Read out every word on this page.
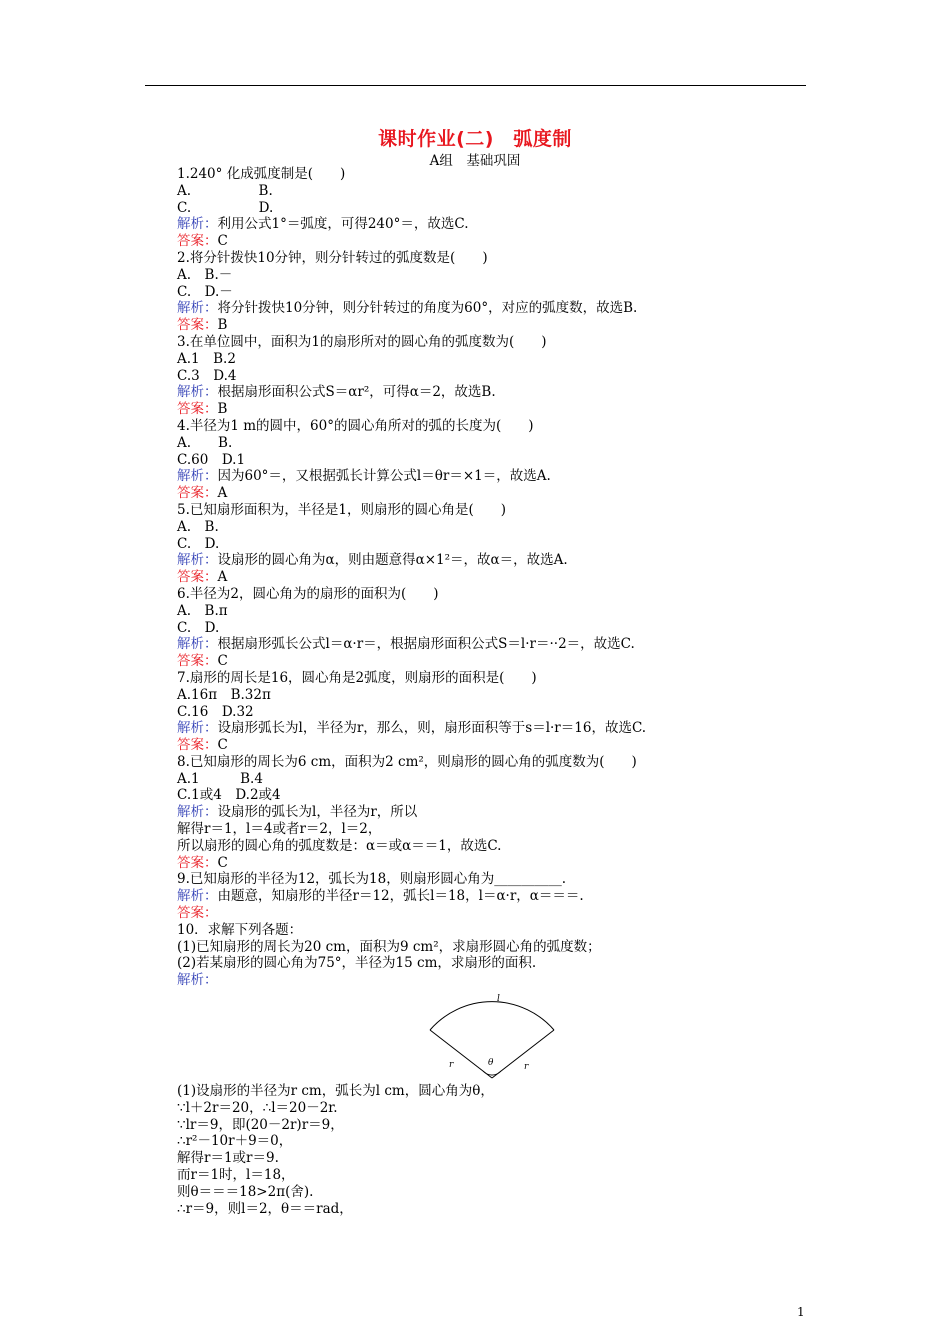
课时作业(二)　弧度制
A组　基础巩固
1.240° 化成弧度制是(　　)
A.　　　　　B.
C.　　　　　D.
解析：利用公式1°＝弧度，可得240°＝，故选C.
答案：C
2.将分针拨快10分钟，则分针转过的弧度数是(　　)
A.　B.－
C.　D.－
解析：将分针拨快10分钟，则分针转过的角度为60°，对应的弧度数，故选B.
答案：B
3.在单位圆中，面积为1的扇形所对的圆心角的弧度数为(　　)
A.1　B.2
C.3　D.4
解析：根据扇形面积公式S＝αr²，可得α＝2，故选B.
答案：B
4.半径为1 m的圆中，60°的圆心角所对的弧的长度为(　　)
A.　　B.
C.60　D.1
解析：因为60°＝，又根据弧长计算公式l＝θr＝×1＝，故选A.
答案：A
5.已知扇形面积为，半径是1，则扇形的圆心角是(　　)
A.　B.
C.　D.
解析：设扇形的圆心角为α，则由题意得α×1²＝，故α＝，故选A.
答案：A
6.半径为2，圆心角为的扇形的面积为(　　)
A.　B.π
C.　D.
解析：根据扇形弧长公式l＝α·r＝，根据扇形面积公式S＝l·r＝··2＝，故选C.
答案：C
7.扇形的周长是16，圆心角是2弧度，则扇形的面积是(　　)
A.16π　B.32π
C.16　D.32
解析：设扇形弧长为l，半径为r，那么，则，扇形面积等于s＝l·r＝16，故选C.
答案：C
8.已知扇形的周长为6 cm，面积为2 cm²，则扇形的圆心角的弧度数为(　　)
A.1　　　B.4
C.1或4　D.2或4
解析：设扇形的弧长为l，半径为r，所以
解得r＝1，l＝4或者r＝2，l＝2，
所以扇形的圆心角的弧度数是：α＝或α＝＝1，故选C.
答案：C
9.已知扇形的半径为12，弧长为18，则扇形圆心角为__________.
解析：由题意，知扇形的半径r＝12，弧长l＝18，l＝α·r，α＝＝＝.
答案：
10．求解下列各题：
(1)已知扇形的周长为20 cm，面积为9 cm²，求扇形圆心角的弧度数；
(2)若某扇形的圆心角为75°，半径为15 cm，求扇形的面积.
解析：
l
r	r
θ
(1)设扇形的半径为r cm，弧长为l cm，圆心角为θ，
∵l＋2r＝20，∴l＝20－2r.
∵lr＝9，即(20－2r)r＝9，
∴r²－10r＋9＝0，
解得r＝1或r＝9.
而r＝1时，l＝18，
则θ＝＝＝18>2π(舍).
∴r＝9，则l＝2，θ＝＝rad，
1
